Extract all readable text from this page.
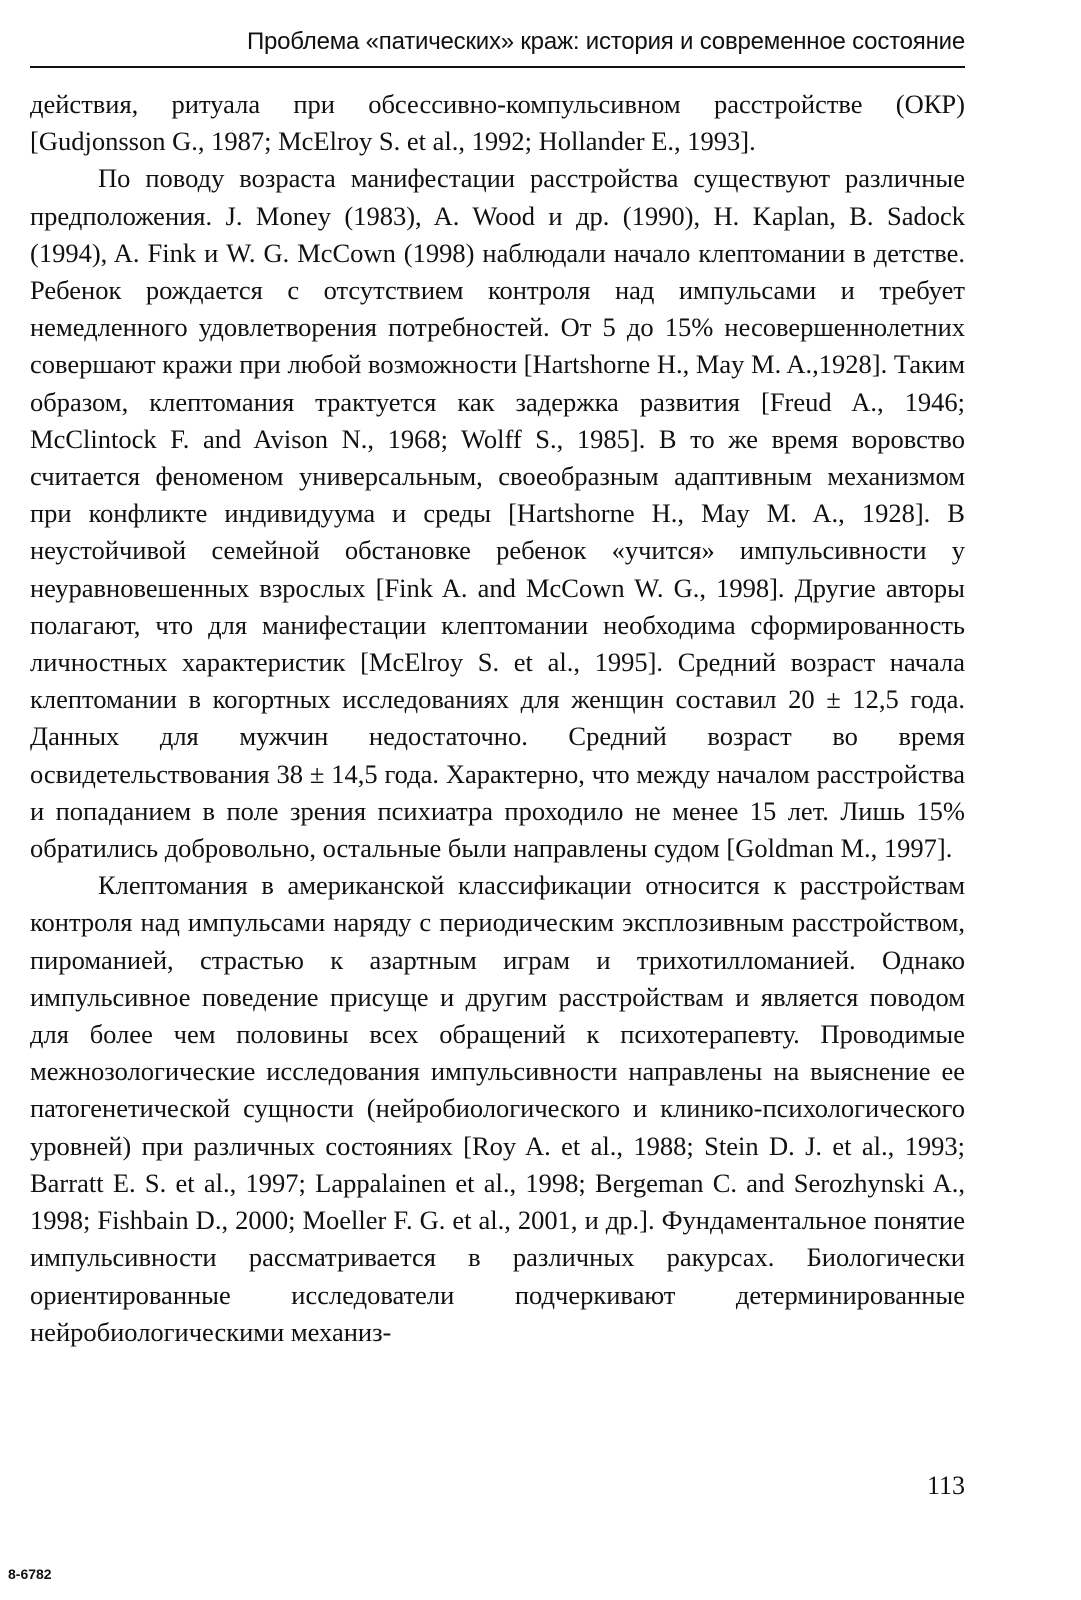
Проблема «патических» краж: история и современное состояние

действия, ритуала при обсессивно-компульсивном расстройстве (ОКР) [Gudjonsson G., 1987; McElroy S. et al., 1992; Hollander E., 1993].

По поводу возраста манифестации расстройства существуют различные предположения. J. Money (1983), A. Wood и др. (1990), H. Kaplan, B. Sadock (1994), A. Fink и W. G. McCown (1998) наблюдали начало клептомании в детстве. Ребенок рождается с отсутствием контроля над импульсами и требует немедленного удовлетворения потребностей. От 5 до 15% несовершеннолетних совершают кражи при любой возможности [Hartshorne H., May M. A.,1928]. Таким образом, клептомания трактуется как задержка развития [Freud A., 1946; McClintock F. and Avison N., 1968; Wolff S., 1985]. В то же время воровство считается феноменом универсальным, своеобразным адаптивным механизмом при конфликте индивидуума и среды [Hartshorne H., May M. A., 1928]. В неустойчивой семейной обстановке ребенок «учится» импульсивности у неуравновешенных взрослых [Fink A. and McCown W. G., 1998]. Другие авторы полагают, что для манифестации клептомании необходима сформированность личностных характеристик [McElroy S. et al., 1995]. Средний возраст начала клептомании в когортных исследованиях для женщин составил 20 ± 12,5 года. Данных для мужчин недостаточно. Средний возраст во время освидетельствования 38 ± 14,5 года. Характерно, что между началом расстройства и попаданием в поле зрения психиатра проходило не менее 15 лет. Лишь 15% обратились добровольно, остальные были направлены судом [Goldman M., 1997].

Клептомания в американской классификации относится к расстройствам контроля над импульсами наряду с периодическим эксплозивным расстройством, пироманией, страстью к азартным играм и трихотилломанией. Однако импульсивное поведение присуще и другим расстройствам и является поводом для более чем половины всех обращений к психотерапевту. Проводимые межнозологические исследования импульсивности направлены на выяснение ее патогенетической сущности (нейробиологического и клинико-психологического уровней) при различных состояниях [Roy A. et al., 1988; Stein D. J. et al., 1993; Barratt E. S. et al., 1997; Lappalainen et al., 1998; Bergeman C. and Serozhynski A., 1998; Fishbain D., 2000; Moeller F. G. et al., 2001, и др.]. Фундаментальное понятие импульсивности рассматривается в различных ракурсах. Биологически ориентированные исследователи подчеркивают детерминированные нейробиологическими механиз-

113
8-6782
